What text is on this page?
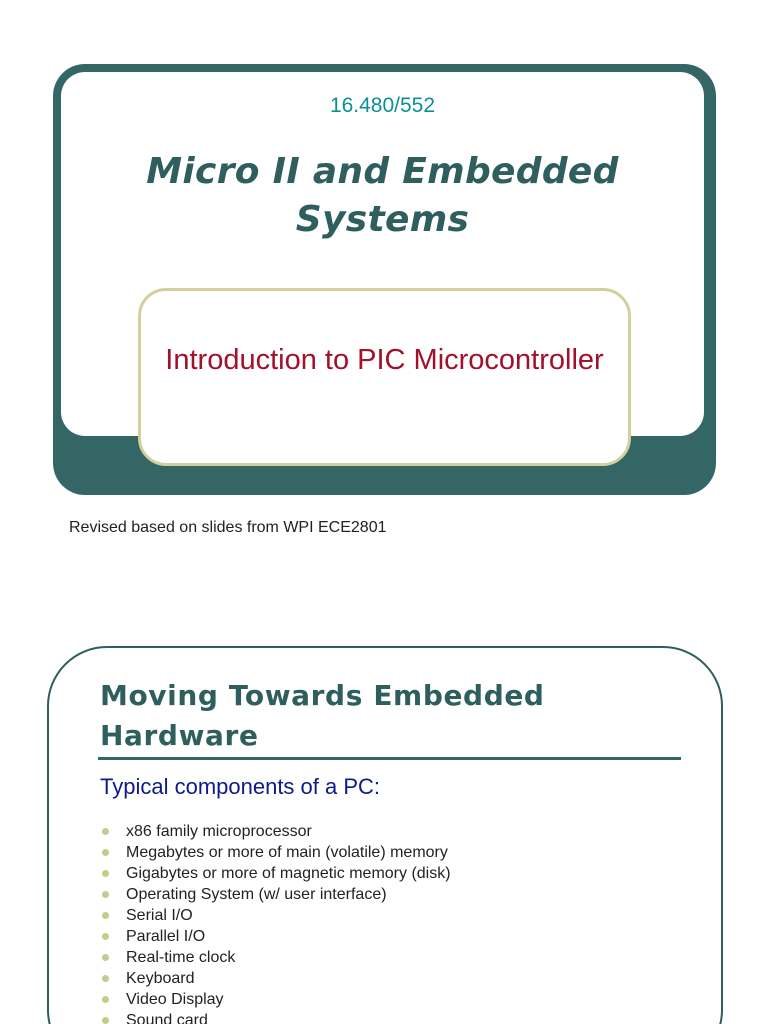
16.480/552
Micro II and Embedded Systems
Introduction to PIC Microcontroller
Revised based on slides from WPI ECE2801
Moving Towards Embedded Hardware
Typical components of a PC:
x86 family microprocessor
Megabytes or more of main (volatile) memory
Gigabytes or more of magnetic memory (disk)
Operating System (w/ user interface)
Serial I/O
Parallel I/O
Real-time clock
Keyboard
Video Display
Sound card
